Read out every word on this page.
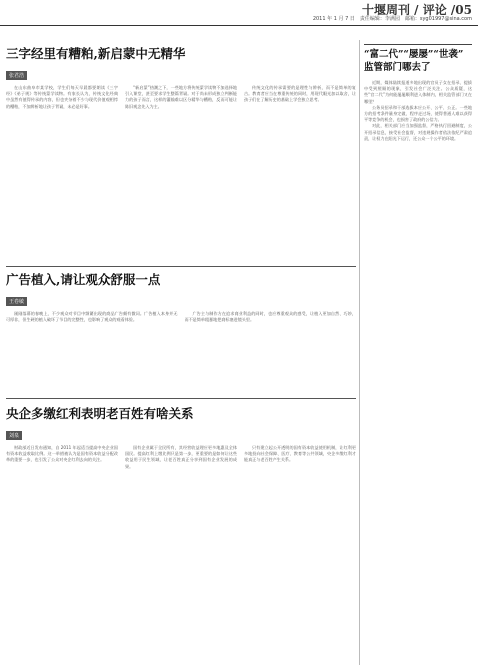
十堰周刊 / 评论 /05
2011 年 1 月 7 日　责任编辑：李满园　邮箱：syg01997@sina.com
三字经里有糟粕,新启蒙中无精华
张君浩

在山东曲阜市某学校，学生们每天早晨都要朗读《三字经》《弟子规》等传统蒙学读物。有家长认为，传统文化经典中虽然有值得传承的内容，但也夹杂着不少与现代价值观相悖的糟粕，不加辨析地让孩子背诵，未必是好事。

“新启蒙”热潮之下，一些地方将传统蒙学读物不加选择地引入课堂，甚至要求学生整篇背诵。对于尚未形成独立判断能力的孩子而言，这样的灌输难以区分精华与糟粕，反而可能让陈旧观念先入为主。

传统文化的传承需要的是理性与辨析，而不是简单的复古。教育者应当在尊重传统的同时，用现代眼光加以取舍，让孩子们在了解历史的基础上学会独立思考。

广告植入,请让观众舒服一点
王卷敏

刚刚落幕的春晚上，不少观众对节目中频繁出现的商品广告颇有微词。广告植入本身并无可厚非，但生硬的植入破坏了节目的完整性，也影响了观众的观看体验。

广告主与制作方在追求商业利益的同时，也应尊重观众的感受，让植入更加自然、巧妙，而不是简单粗暴地把商标塞进镜头里。

央企多缴红利表明老百姓有啥关系
刘泉

财政部近日发布通知，自 2011 年起适当提高中央企业国有资本收益收取比例。这一举措被认为是国有资本收益分配改革的重要一步，也引发了公众对央企红利去向的关注。

国有企业属于全民所有，其经营收益理应更多地惠及全体国民。提高红利上缴比例只是第一步，更重要的是如何让这些收益用于民生领域，让老百姓真正分享到国有企业发展的成果。

只有建立起公开透明的国有资本收益使用机制，让红利更多地投向社会保障、医疗、教育等公共领域，央企多缴红利才能真正与老百姓产生关系。

“富二代”“屡屡”“世袭” 监管部门哪去了

近期，媒体陆续报道多地出现的官员子女在招录、提拔中受到照顾的现象，引发社会广泛关注。公众质疑，这些“官二代”为何能屡屡顺利进入体制内，相关监管部门又在哪里？

公务员招录和干部选拔本应公开、公平、公正。一些地方的招考条件量身定做，程序走过场，使得普通人难以获得平等竞争的机会，也损害了政府的公信力。

对此，相关部门应当加强监督，严格执行回避制度，公开招录信息，接受社会监督，对违规操作者依法依纪严肃追责，让权力在阳光下运行，还公众一个公平的环境。
